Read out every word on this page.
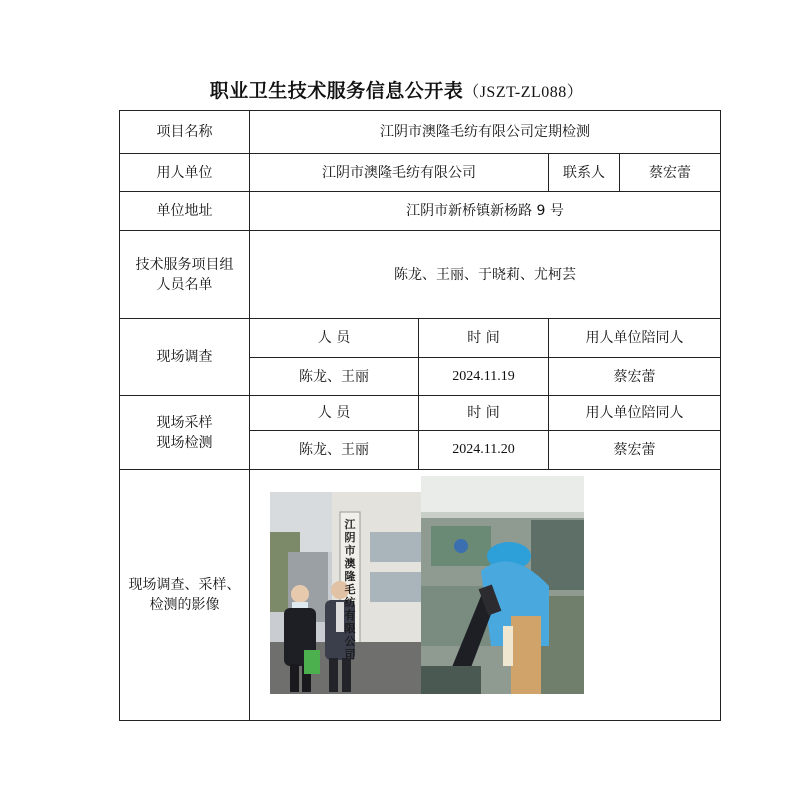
职业卫生技术服务信息公开表（JSZT-ZL088）
项目名称	江阴市澳隆毛纺有限公司定期检测			
用人单位	江阴市澳隆毛纺有限公司		联系人	蔡宏蕾
单位地址	江阴市新桥镇新杨路 9 号			

技术服务项目组
人员名单	陈龙、王丽、于晓莉、尤柯芸			
现场调查	人 员	时 间	用人单位陪同人	
	陈龙、王丽	2024.11.19	蔡宏蕾	

现场采样
现场检测	人 员	时 间	用人单位陪同人	
	陈龙、王丽	2024.11.20	蔡宏蕾	

现场调查、采样、
检测的影像	江阴市澳隆毛纺有限公司			
